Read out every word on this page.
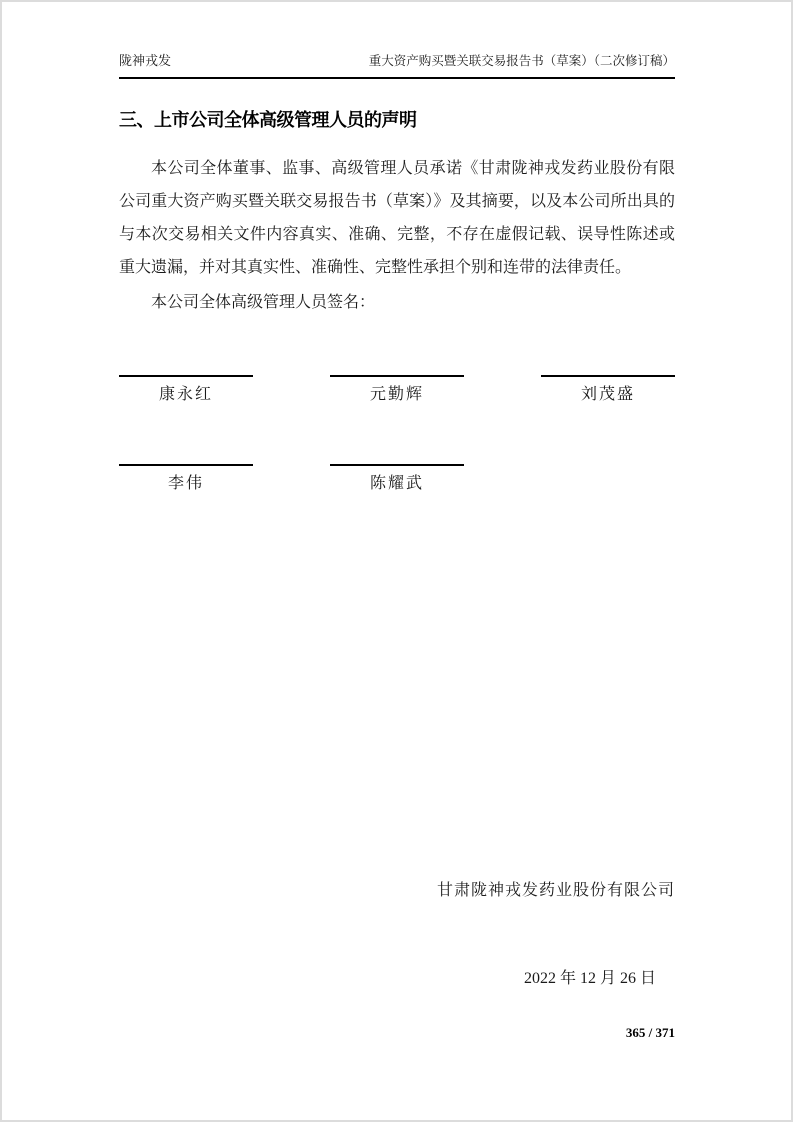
陇神戎发	重大资产购买暨关联交易报告书（草案）（二次修订稿）
三、上市公司全体高级管理人员的声明
本公司全体董事、监事、高级管理人员承诺《甘肃陇神戎发药业股份有限
公司重大资产购买暨关联交易报告书（草案）》及其摘要，以及本公司所出具的
与本次交易相关文件内容真实、准确、完整，不存在虚假记载、误导性陈述或
重大遗漏，并对其真实性、准确性、完整性承担个别和连带的法律责任。
本公司全体高级管理人员签名：
康永红	元勤辉	刘茂盛
李伟	陈耀武
甘肃陇神戎发药业股份有限公司
2022 年 12 月 26 日
365 / 371
